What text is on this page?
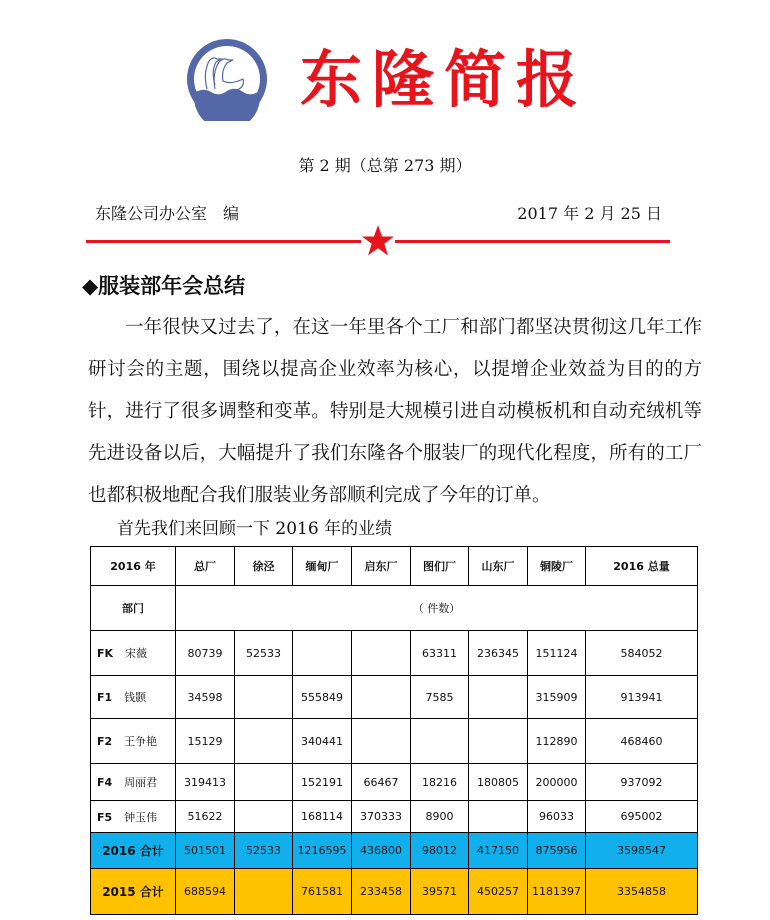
东隆简报
第 2 期（总第 273 期）
东隆公司办公室　编	2017 年 2 月 25 日
◆服装部年会总结
一年很快又过去了，在这一年里各个工厂和部门都坚决贯彻这几年工作研讨会的主题，围绕以提高企业效率为核心，以提增企业效益为目的的方针，进行了很多调整和变革。特别是大规模引进自动模板机和自动充绒机等先进设备以后，大幅提升了我们东隆各个服装厂的现代化程度，所有的工厂也都积极地配合我们服装业务部顺利完成了今年的订单。
首先我们来回顾一下 2016 年的业绩
2016 年	总厂	徐泾	缅甸厂	启东厂	图们厂	山东厂	铜陵厂	2016 总量
部门	（ 件数）							
FK 宋薇	80739	52533			63311	236345	151124	584052
F1 钱颢	34598		555849		7585		315909	913941
F2 王争艳	15129		340441				112890	468460
F4 周丽君	319413		152191	66467	18216	180805	200000	937092
F5 钟玉伟	51622		168114	370333	8900		96033	695002
2016 合计	501501	52533	1216595	436800	98012	417150	875956	3598547
2015 合计	688594		761581	233458	39571	450257	1181397	3354858
